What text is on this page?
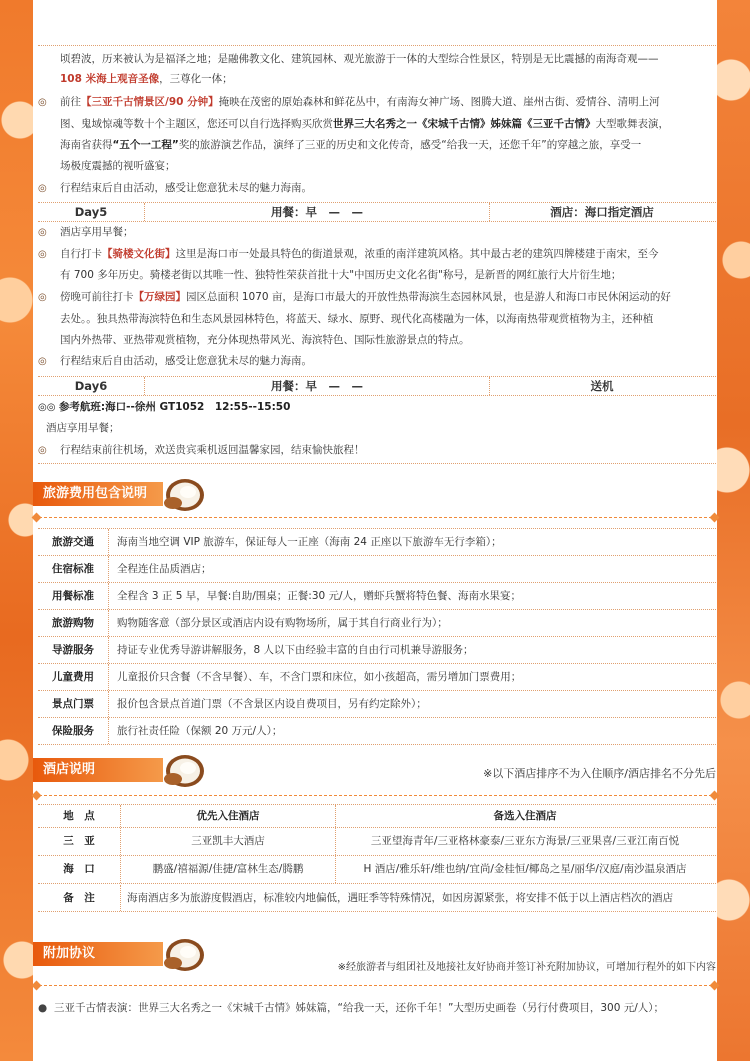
顷碧波，历来被认为是福泽之地；是融佛教文化、建筑园林、观光旅游于一体的大型综合性景区，特别是无比震撼的南海奇观——
108 米海上观音圣像，三尊化一体；
◎ 前往【三亚千古情景区/90 分钟】掩映在茂密的原始森林和鲜花丛中，有南海女神广场、图腾大道、崖州古街、爱情谷、清明上河
图、鬼域惊魂等数十个主题区，您还可以自行选择购买欣赏世界三大名秀之一《宋城千古情》姊妹篇《三亚千古情》大型歌舞表演，
海南省获得“五个一工程”奖的旅游演艺作品，演绎了三亚的历史和文化传奇，感受“给我一天，还您千年”的穿越之旅，享受一
场极度震撼的视听盛宴；
◎ 行程结束后自由活动，感受让您意犹未尽的魅力海南。
Day5	用餐：早　—　—	酒店：海口指定酒店
◎ 酒店享用早餐；
◎ 自行打卡【骑楼文化街】这里是海口市一处最具特色的街道景观，浓重的南洋建筑风格。其中最古老的建筑四牌楼建于南宋，至今
有 700 多年历史。骑楼老街以其唯一性、独特性荣获首批十大"中国历史文化名街"称号，是新晋的网红旅行大片衍生地；
◎ 傍晚可前往打卡【万绿园】园区总面积 1070 亩，是海口市最大的开放性热带海滨生态园林风景，也是游人和海口市民休闲运动的好
去处。。独具热带海滨特色和生态风景园林特色，将蓝天、绿水、原野、现代化高楼融为一体，以海南热带观赏植物为主，还种植
国内外热带、亚热带观赏植物，充分体现热带风光、海滨特色、国际性旅游景点的特点。
◎ 行程结束后自由活动，感受让您意犹未尽的魅力海南。
Day6	用餐：早　—　—	送机
◎◎ 参考航班:海口--徐州 GT1052　12:55--15:50
酒店享用早餐；
◎ 行程结束前往机场，欢送贵宾乘机返回温馨家园，结束愉快旅程！
旅游费用包含说明
旅游交通	海南当地空调 VIP 旅游车，保证每人一正座（海南 24 正座以下旅游车无行李箱）；
住宿标准	全程连住品质酒店；
用餐标准	全程含 3 正 5 早，早餐:自助/围桌；正餐:30 元/人，赠虾兵蟹将特色餐、海南水果宴；
旅游购物	购物随客意（部分景区或酒店内设有购物场所，属于其自行商业行为）；
导游服务	持证专业优秀导游讲解服务，8 人以下由经验丰富的自由行司机兼导游服务；
儿童费用	儿童报价只含餐（不含早餐）、车，不含门票和床位，如小孩超高，需另增加门票费用；
景点门票	报价包含景点首道门票（不含景区内设自费项目，另有约定除外）；
保险服务	旅行社责任险（保额 20 万元/人）；
酒店说明	※以下酒店排序不为入住顺序/酒店排名不分先后
地　点	优先入住酒店	备选入住酒店
三　亚	三亚凯丰大酒店	三亚望海青年/三亚格林豪泰/三亚东方海景/三亚果喜/三亚江南百悦
海　口	鹏盛/禧福源/佳捷/富林生态/腾鹏	H 酒店/雅乐轩/维也纳/宜尚/金桂恒/椰岛之星/丽华/汉庭/南沙温泉酒店
备　注	海南酒店多为旅游度假酒店，标准较内地偏低，遇旺季等特殊情况，如因房源紧张，将安排不低于以上酒店档次的酒店
附加协议
※经旅游者与组团社及地接社友好协商并签订补充附加协议，可增加行程外的如下内容
● 三亚千古情表演：世界三大名秀之一《宋城千古情》姊妹篇，“给我一天，还你千年！”大型历史画卷（另行付费项目，300 元/人）；
